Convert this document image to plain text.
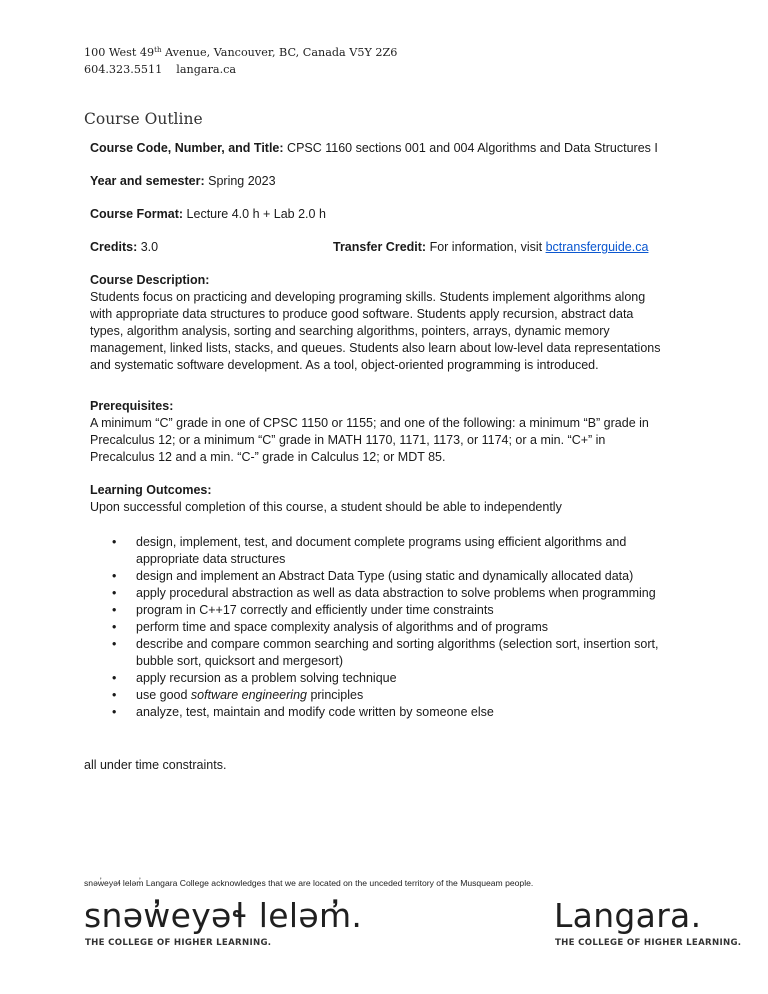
100 West 49th Avenue, Vancouver, BC, Canada V5Y 2Z6
604.323.5511 langara.ca
Course Outline

Course Code, Number, and Title: CPSC 1160 sections 001 and 004 Algorithms and Data Structures I

Year and semester: Spring 2023

Course Format: Lecture 4.0 h + Lab 2.0 h

Credits: 3.0	Transfer Credit: For information, visit bctransferguide.ca

Course Description:

Students focus on practicing and developing programing skills. Students implement algorithms along

with appropriate data structures to produce good software. Students apply recursion, abstract data

types, algorithm analysis, sorting and searching algorithms, pointers, arrays, dynamic memory

management, linked lists, stacks, and queues. Students also learn about low-level data representations

and systematic software development. As a tool, object-oriented programming is introduced.

Prerequisites:

A minimum “C” grade in one of CPSC 1150 or 1155; and one of the following: a minimum “B” grade in

Precalculus 12; or a minimum “C” grade in MATH 1170, 1171, 1173, or 1174; or a min. “C+” in

Precalculus 12 and a min. “C-” grade in Calculus 12; or MDT 85.

Learning Outcomes:

Upon successful completion of this course, a student should be able to independently

• design, implement, test, and document complete programs using efficient algorithms and
appropriate data structures
• design and implement an Abstract Data Type (using static and dynamically allocated data)
• apply procedural abstraction as well as data abstraction to solve problems when programming
• program in C++17 correctly and efficiently under time constraints
• perform time and space complexity analysis of algorithms and of programs
• describe and compare common searching and sorting algorithms (selection sort, insertion sort,
bubble sort, quicksort and mergesort)
• apply recursion as a problem solving technique
• use good software engineering principles
• analyze, test, maintain and modify code written by someone else

all under time constraints.

snəw̓eyəɬ leləm̓ Langara College acknowledges that we are located on the unceded territory of the Musqueam people.

snəw̓eyəɬ leləm̓.

THE COLLEGE OF HIGHER LEARNING.

Langara.

THE COLLEGE OF HIGHER LEARNING.
